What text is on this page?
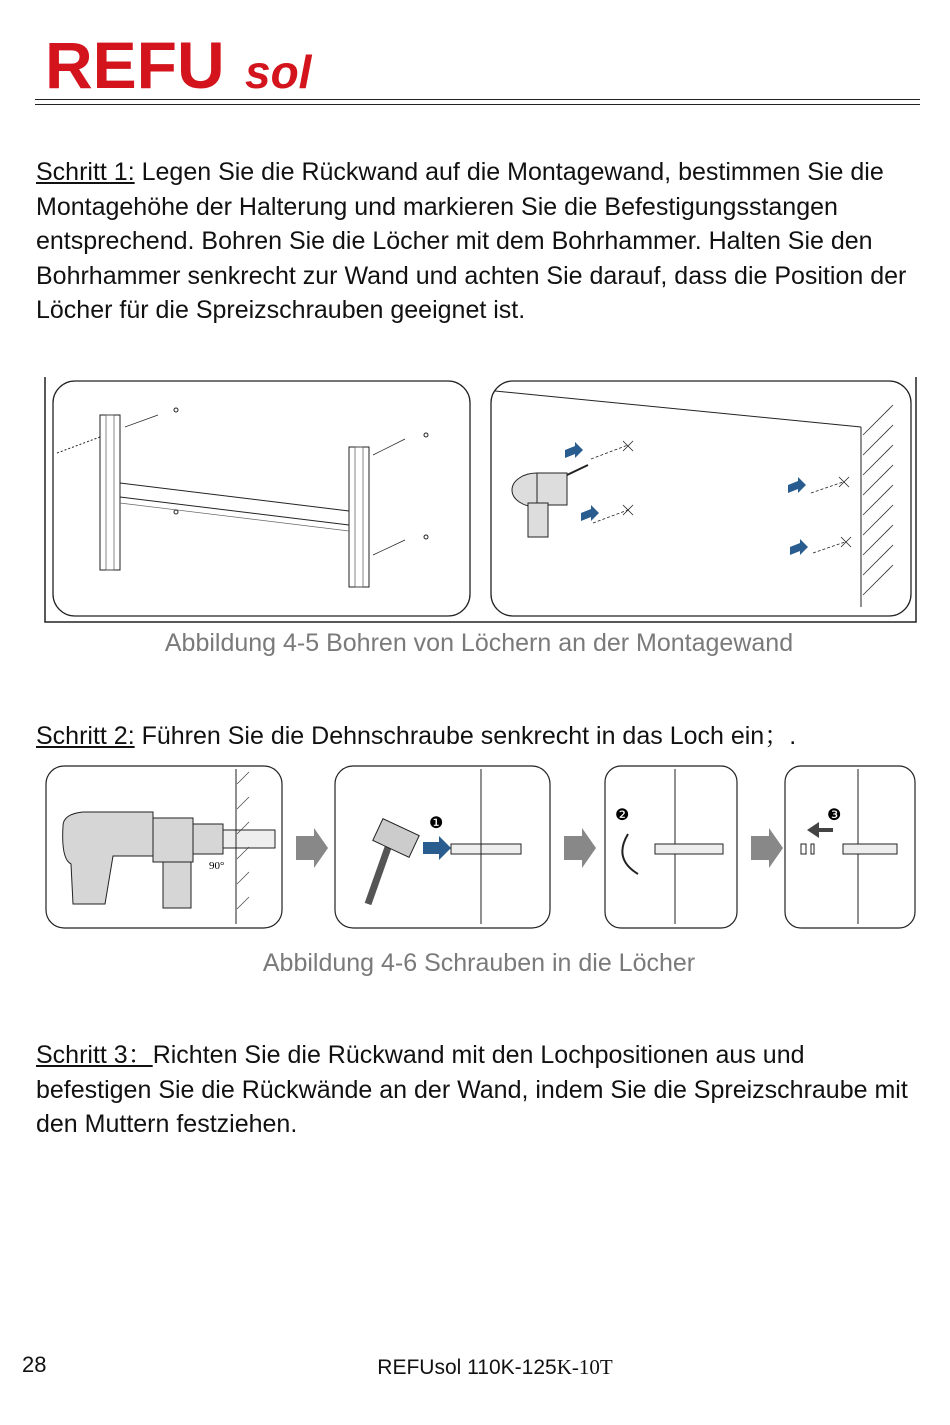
REFU sol
Schritt 1: Legen Sie die Rückwand auf die Montagewand, bestimmen Sie die Montagehöhe der Halterung und markieren Sie die Befestigungsstangen entsprechend. Bohren Sie die Löcher mit dem Bohrhammer. Halten Sie den Bohrhammer senkrecht zur Wand und achten Sie darauf, dass die Position der Löcher für die Spreizschrauben geeignet ist.
Abbildung 4-5 Bohren von Löchern an der Montagewand
Schritt 2: Führen Sie die Dehnschraube senkrecht in das Loch ein；.
90°
❶	❷	❸
Abbildung 4-6 Schrauben in die Löcher
Schritt 3：Richten Sie die Rückwand mit den Lochpositionen aus und befestigen Sie die Rückwände an der Wand, indem Sie die Spreizschraube mit den Muttern festziehen.
28	REFUsol 110K-125K-10T
